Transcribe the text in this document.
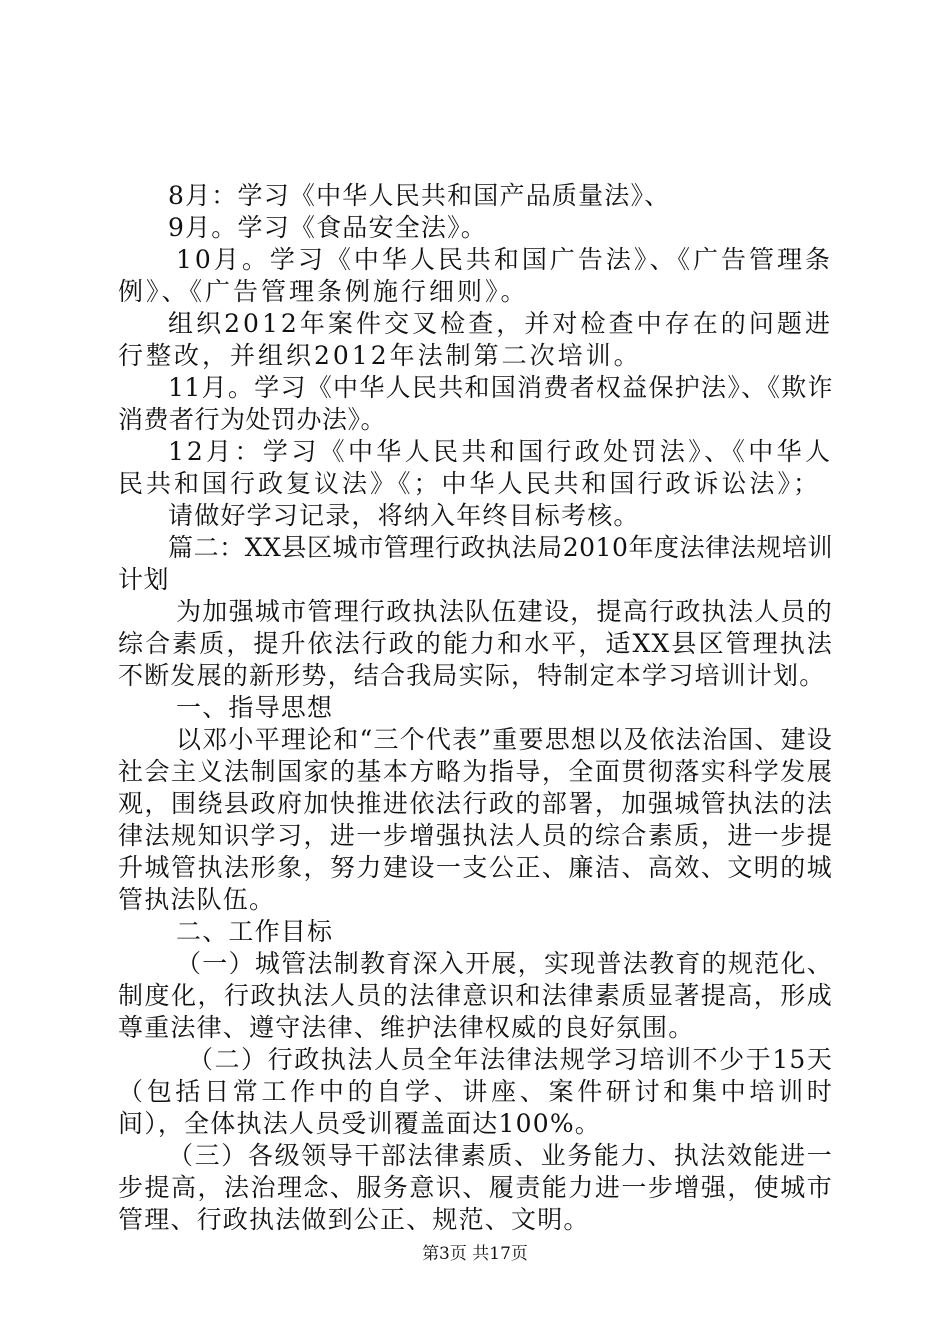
8月：学习《中华人民共和国产品质量法》、

9月。学习《食品安全法》。

10月。学习《中华人民共和国广告法》、《广告管理条例》、《广告管理条例施行细则》。

组织2012年案件交叉检查，并对检查中存在的问题进行整改，并组织2012年法制第二次培训。

11月。学习《中华人民共和国消费者权益保护法》、《欺诈消费者行为处罚办法》。

12月：学习《中华人民共和国行政处罚法》、《中华人民共和国行政复议法》《；中华人民共和国行政诉讼法》；

请做好学习记录，将纳入年终目标考核。

篇二：XX县区城市管理行政执法局2010年度法律法规培训计划

为加强城市管理行政执法队伍建设，提高行政执法人员的综合素质，提升依法行政的能力和水平，适XX县区管理执法不断发展的新形势，结合我局实际，特制定本学习培训计划。

一、指导思想

以邓小平理论和“三个代表”重要思想以及依法治国、建设社会主义法制国家的基本方略为指导，全面贯彻落实科学发展观，围绕县政府加快推进依法行政的部署，加强城管执法的法律法规知识学习，进一步增强执法人员的综合素质，进一步提升城管执法形象，努力建设一支公正、廉洁、高效、文明的城管执法队伍。

二、工作目标

（一）城管法制教育深入开展，实现普法教育的规范化、制度化，行政执法人员的法律意识和法律素质显著提高，形成尊重法律、遵守法律、维护法律权威的良好氛围。

（二）行政执法人员全年法律法规学习培训不少于15天（包括日常工作中的自学、讲座、案件研讨和集中培训时间），全体执法人员受训覆盖面达100%。

（三）各级领导干部法律素质、业务能力、执法效能进一步提高，法治理念、服务意识、履责能力进一步增强，使城市管理、行政执法做到公正、规范、文明。

第3页 共17页
